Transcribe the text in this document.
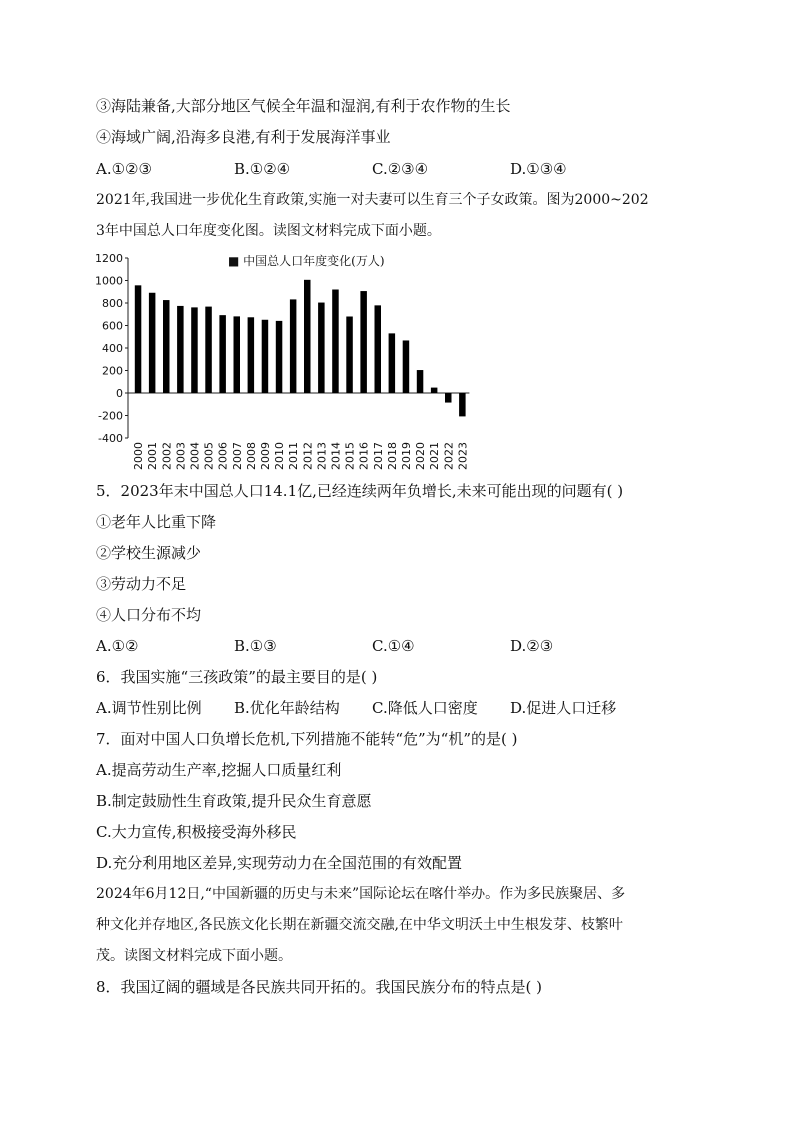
③海陆兼备,大部分地区气候全年温和湿润,有利于农作物的生长
④海域广阔,沿海多良港,有利于发展海洋事业
A.①②③	B.①②④	C.②③④	D.①③④
2021年,我国进一步优化生育政策,实施一对夫妻可以生育三个子女政策。图为2000~202
3年中国总人口年度变化图。读图文材料完成下面小题。
-400
-200
0
200
400
600
800
1000
1200
2000 2001 2002 2003 2004 2005 2006 2007 2008 2009 2010 2011 2012 2013 2014 2015 2016 2017 2018 2019 2020 2021 2022 2023
■ 中国总人口年度变化(万人)
5．2023年末中国总人口14.1亿,已经连续两年负增长,未来可能出现的问题有( )
①老年人比重下降
②学校生源减少
③劳动力不足
④人口分布不均
A.①②	B.①③	C.①④	D.②③
6．我国实施“三孩政策”的最主要目的是( )
A.调节性别比例 B.优化年龄结构 C.降低人口密度 D.促进人口迁移
7．面对中国人口负增长危机,下列措施不能转“危”为“机”的是( )
A.提高劳动生产率,挖掘人口质量红利
B.制定鼓励性生育政策,提升民众生育意愿
C.大力宣传,积极接受海外移民
D.充分利用地区差异,实现劳动力在全国范围的有效配置
2024年6月12日,“中国新疆的历史与未来”国际论坛在喀什举办。作为多民族聚居、多
种文化并存地区,各民族文化长期在新疆交流交融,在中华文明沃土中生根发芽、枝繁叶
茂。读图文材料完成下面小题。
8．我国辽阔的疆域是各民族共同开拓的。我国民族分布的特点是( )
